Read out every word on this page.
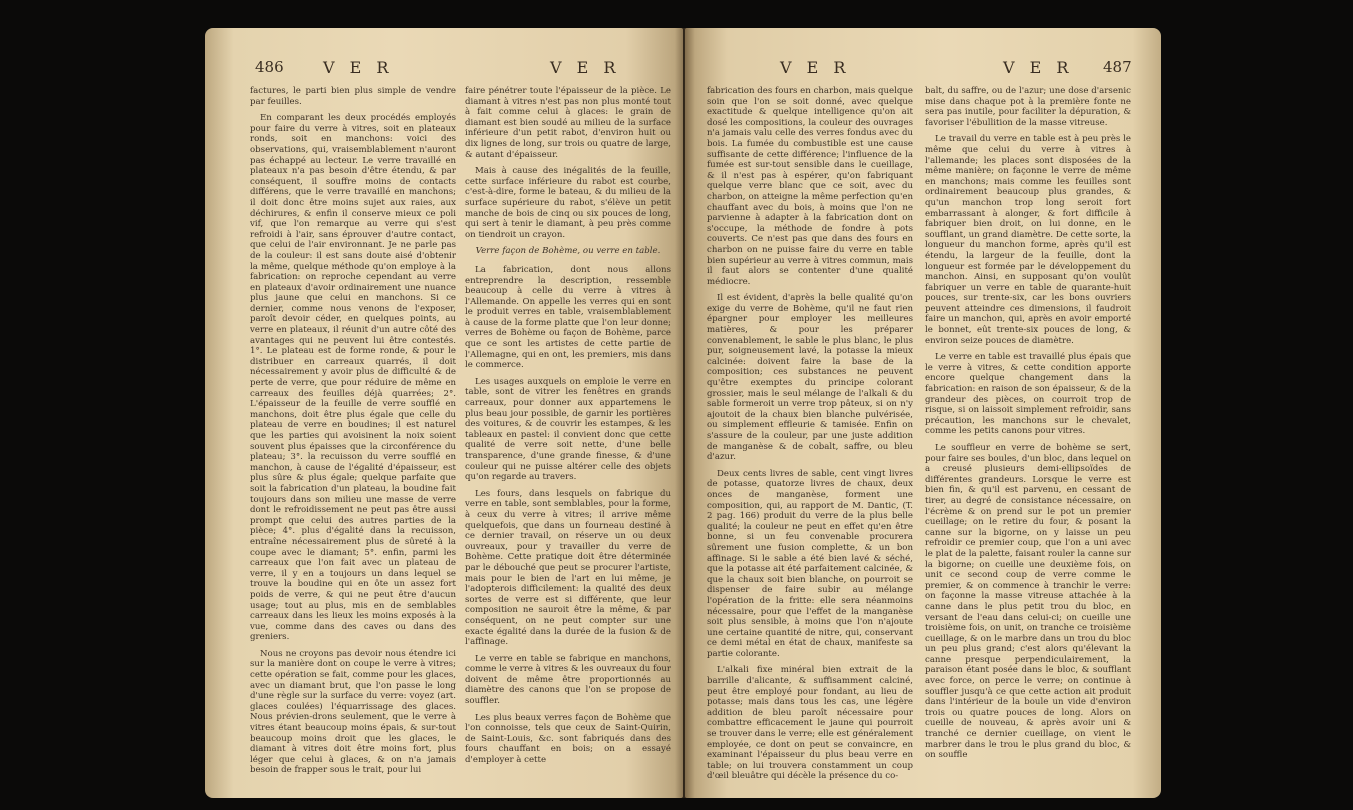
486 V E R	V E R

factures, le parti bien plus simple de vendre par feuilles.

En comparant les deux procédés employés pour faire du verre à vitres, soit en plateaux ronds, soit en manchons: voici des observations, qui, vraisemblablement n'auront pas échappé au lecteur. Le verre travaillé en plateaux n'a pas besoin d'être étendu, & par conséquent, il souffre moins de contacts différens, que le verre travaillé en manchons; il doit donc être moins sujet aux raies, aux déchirures, & enfin il conserve mieux ce poli vif, que l'on remarque au verre qui s'est refroidi à l'air, sans éprouver d'autre contact, que celui de l'air environnant. Je ne parle pas de la couleur: il est sans doute aisé d'obtenir la même, quelque méthode qu'on employe à la fabrication: on reproche cependant au verre en plateaux d'avoir ordinairement une nuance plus jaune que celui en manchons. Si ce dernier, comme nous venons de l'exposer, paroît devoir céder, en quelques points, au verre en plateaux, il réunit d'un autre côté des avantages qui ne peuvent lui être contestés. 1°. Le plateau est de forme ronde, & pour le distribuer en carreaux quarrés, il doit nécessairement y avoir plus de difficulté & de perte de verre, que pour réduire de même en carreaux des feuilles déjà quarrées; 2°. L'épaisseur de la feuille de verre soufflé en manchons, doit être plus égale que celle du plateau de verre en boudines; il est naturel que les parties qui avoisinent la noix soient souvent plus épaisses que la circonférence du plateau; 3°. la recuisson du verre soufflé en manchon, à cause de l'égalité d'épaisseur, est plus sûre & plus égale; quelque parfaite que soit la fabrication d'un plateau, la boudine fait toujours dans son milieu une masse de verre dont le refroidissement ne peut pas être aussi prompt que celui des autres parties de la pièce; 4°. plus d'égalité dans la recuisson, entraîne nécessairement plus de sûreté à la coupe avec le diamant; 5°. enfin, parmi les carreaux que l'on fait avec un plateau de verre, il y en a toujours un dans lequel se trouve la boudine qui en ôte un assez fort poids de verre, & qui ne peut être d'aucun usage; tout au plus, mis en de semblables carreaux dans les lieux les moins exposés à la vue, comme dans des caves ou dans des greniers.

Nous ne croyons pas devoir nous étendre ici sur la manière dont on coupe le verre à vitres; cette opération se fait, comme pour les glaces, avec un diamant brut, que l'on passe le long d'une règle sur la surface du verre: voyez (art. glaces coulées) l'équarrissage des glaces. Nous prévien-drons seulement, que le verre à vitres étant beaucoup moins épais, & sur-tout beaucoup moins droit que les glaces, le diamant à vitres doit être moins fort, plus léger que celui à glaces, & on n'a jamais besoin de frapper sous le trait, pour lui

faire pénétrer toute l'épaisseur de la pièce. Le diamant à vitres n'est pas non plus monté tout à fait comme celui à glaces: le grain de diamant est bien soudé au milieu de la surface inférieure d'un petit rabot, d'environ huit ou dix lignes de long, sur trois ou quatre de large, & autant d'épaisseur.

Mais à cause des inégalités de la feuille, cette surface inférieure du rabot est courbe, c'est-à-dire, forme le bateau, & du milieu de la surface supérieure du rabot, s'élève un petit manche de bois de cinq ou six pouces de long, qui sert à tenir le diamant, à peu près comme on tiendroit un crayon.

Verre façon de Bohème, ou verre en table.

La fabrication, dont nous allons entreprendre la description, ressemble beaucoup à celle du verre à vitres à l'Allemande. On appelle les verres qui en sont le produit verres en table, vraisemblablement à cause de la forme platte que l'on leur donne; verres de Bohème ou façon de Bohème, parce que ce sont les artistes de cette partie de l'Allemagne, qui en ont, les premiers, mis dans le commerce.

Les usages auxquels on emploie le verre en table, sont de vitrer les fenêtres en grands carreaux, pour donner aux appartemens le plus beau jour possible, de garnir les portières des voitures, & de couvrir les estampes, & les tableaux en pastel: il convient donc que cette qualité de verre soit nette, d'une belle transparence, d'une grande finesse, & d'une couleur qui ne puisse altérer celle des objets qu'on regarde au travers.

Les fours, dans lesquels on fabrique du verre en table, sont semblables, pour la forme, à ceux du verre à vitres; il arrive même quelquefois, que dans un fourneau destiné à ce dernier travail, on réserve un ou deux ouvreaux, pour y travailler du verre de Bohème. Cette pratique doit être déterminée par le débouché que peut se procurer l'artiste, mais pour le bien de l'art en lui même, je l'adopterois difficilement: la qualité des deux sortes de verre est si différente, que leur composition ne sauroit être la même, & par conséquent, on ne peut compter sur une exacte égalité dans la durée de la fusion & de l'affinage.

Le verre en table se fabrique en manchons, comme le verre à vitres & les ouvreaux du four doivent de même être proportionnés au diamètre des canons que l'on se propose de souffler.

Les plus beaux verres façon de Bohème que l'on connoisse, tels que ceux de Saint-Quirin, de Saint-Louis, &c. sont fabriqués dans des fours chauffant en bois; on a essayé d'employer à cette

V E R	V E R 487

fabrication des fours en charbon, mais quelque soin que l'on se soit donné, avec quelque exactitude & quelque intelligence qu'on ait dosé les compositions, la couleur des ouvrages n'a jamais valu celle des verres fondus avec du bois. La fumée du combustible est une cause suffisante de cette différence; l'influence de la fumée est sur-tout sensible dans le cueillage, & il n'est pas à espérer, qu'on fabriquant quelque verre blanc que ce soit, avec du charbon, on atteigne la même perfection qu'en chauffant avec du bois, à moins que l'on ne parvienne à adapter à la fabrication dont on s'occupe, la méthode de fondre à pots couverts. Ce n'est pas que dans des fours en charbon on ne puisse faire du verre en table bien supérieur au verre à vitres commun, mais il faut alors se contenter d'une qualité médiocre.

Il est évident, d'après la belle qualité qu'on exige du verre de Bohème, qu'il ne faut rien épargner pour employer les meilleures matières, & pour les préparer convenablement, le sable le plus blanc, le plus pur, soigneusement lavé, la potasse la mieux calcinée: doivent faire la base de la composition; ces substances ne peuvent qu'être exemptes du principe colorant grossier, mais le seul mélange de l'alkali & du sable formeroit un verre trop pâteux, si on n'y ajoutoit de la chaux bien blanche pulvérisée, ou simplement effleurie & tamisée. Enfin on s'assure de la couleur, par une juste addition de manganèse & de cobalt, saffre, ou bleu d'azur.

Deux cents livres de sable, cent vingt livres de potasse, quatorze livres de chaux, deux onces de manganèse, forment une composition, qui, au rapport de M. Dantic, (T. 2 pag. 166) produit du verre de la plus belle qualité; la couleur ne peut en effet qu'en être bonne, si un feu convenable procurera sûrement une fusion complette, & un bon affinage. Si le sable a été bien lavé & séché, que la potasse ait été parfaitement calcinée, & que la chaux soit bien blanche, on pourroit se dispenser de faire subir au mélange l'opération de la fritte: elle sera néanmoins nécessaire, pour que l'effet de la manganèse soit plus sensible, à moins que l'on n'ajoute une certaine quantité de nitre, qui, conservant ce demi métal en état de chaux, manifeste sa partie colorante.

L'alkali fixe minéral bien extrait de la barrille d'alicante, & suffisamment calciné, peut être employé pour fondant, au lieu de potasse; mais dans tous les cas, une légère addition de bleu paroît nécessaire pour combattre efficacement le jaune qui pourroit se trouver dans le verre; elle est généralement employée, ce dont on peut se convaincre, en examinant l'épaisseur du plus beau verre en table; on lui trouvera constamment un coup d'œil bleuâtre qui décèle la présence du co-

balt, du saffre, ou de l'azur; une dose d'arsenic mise dans chaque pot à la première fonte ne sera pas inutile, pour faciliter la dépuration, & favoriser l'ébullition de la masse vitreuse.

Le travail du verre en table est à peu près le même que celui du verre à vitres à l'allemande; les places sont disposées de la même manière; on façonne le verre de même en manchons; mais comme les feuilles sont ordinairement beaucoup plus grandes, & qu'un manchon trop long seroit fort embarrassant à alonger, & fort difficile à fabriquer bien droit, on lui donne, en le soufflant, un grand diamètre. De cette sorte, la longueur du manchon forme, après qu'il est étendu, la largeur de la feuille, dont la longueur est formée par le développement du manchon. Ainsi, en supposant qu'on voulût fabriquer un verre en table de quarante-huit pouces, sur trente-six, car les bons ouvriers peuvent atteindre ces dimensions, il faudroit faire un manchon, qui, après en avoir emporté le bonnet, eût trente-six pouces de long, & environ seize pouces de diamètre.

Le verre en table est travaillé plus épais que le verre à vitres, & cette condition apporte encore quelque changement dans la fabrication: en raison de son épaisseur, & de la grandeur des pièces, on courroit trop de risque, si on laissoit simplement refroidir, sans précaution, les manchons sur le chevalet, comme les petits canons pour vitres.

Le souffleur en verre de bohème se sert, pour faire ses boules, d'un bloc, dans lequel on a creusé plusieurs demi-ellipsoïdes de différentes grandeurs. Lorsque le verre est bien fin, & qu'il est parvenu, en cessant de tirer, au degré de consistance nécessaire, on l'écrème & on prend sur le pot un premier cueillage; on le retire du four, & posant la canne sur la bigorne, on y laisse un peu refroidir ce premier coup, que l'on a uni avec le plat de la palette, faisant rouler la canne sur la bigorne; on cueille une deuxième fois, on unit ce second coup de verre comme le premier, & on commence à tranchir le verre: on façonne la masse vitreuse attachée à la canne dans le plus petit trou du bloc, en versant de l'eau dans celui-ci; on cueille une troisième fois, on unit, on tranche ce troisième cueillage, & on le marbre dans un trou du bloc un peu plus grand; c'est alors qu'élevant la canne presque perpendiculairement, la paraison étant posée dans le bloc, & soufflant avec force, on perce le verre; on continue à souffler jusqu'à ce que cette action ait produit dans l'intérieur de la boule un vide d'environ trois ou quatre pouces de long. Alors on cueille de nouveau, & après avoir uni & tranché ce dernier cueillage, on vient le marbrer dans le trou le plus grand du bloc, & on souffle
